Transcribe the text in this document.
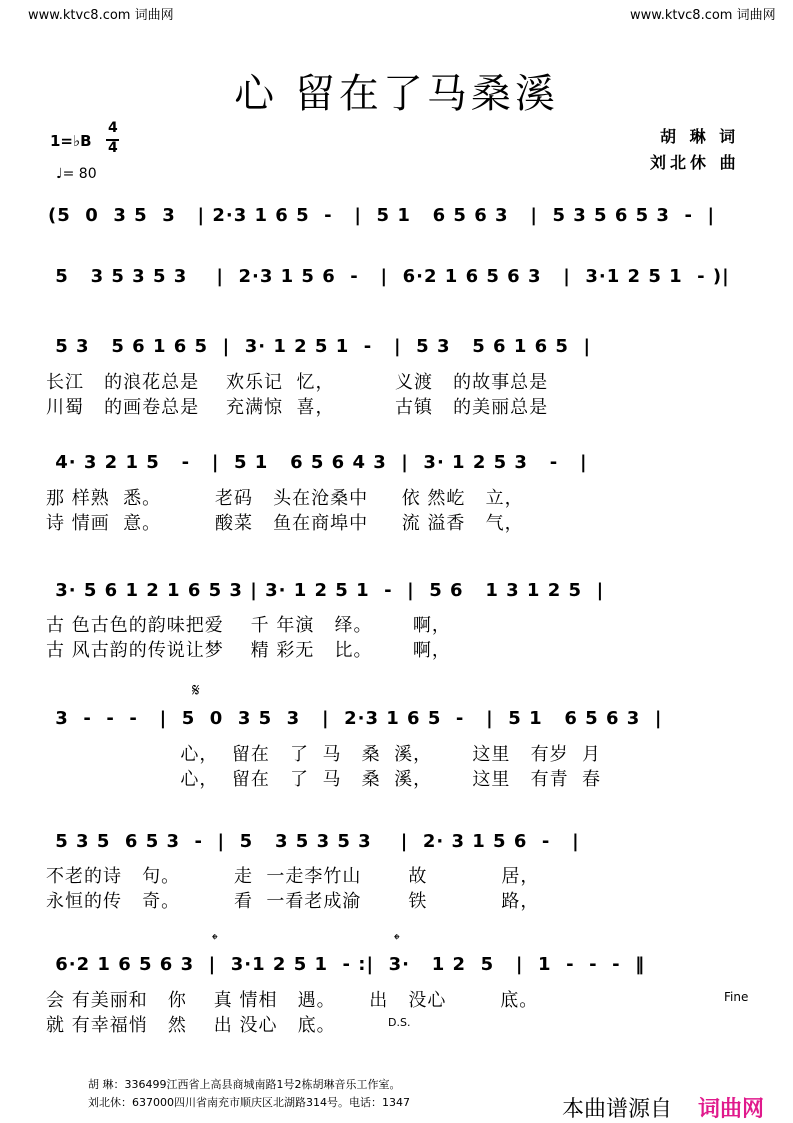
www.ktvc8.com 词曲网	www.ktvc8.com 词曲网
心 留在了马桑溪
1=♭B
4
4
♩= 80
胡 琳 词
刘北休 曲

(5  0  3 5  3   | 2·3 1 6 5  -   |  5 1   6 5 6 3   |  5 3 5 6 5 3  -  |

5   3 5 3 5 3    |  2·3 1 5 6  -   |  6·2 1 6 5 6 3   |  3·1 2 5 1  - )|

5 3   5 6 1 6 5  |  3· 1 2 5 1  -   |  5 3   5 6 1 6 5  |

长江   的浪花总是    欢乐记  忆，         义渡   的故事总是
川蜀   的画卷总是    充满惊  喜，         古镇   的美丽总是

4· 3 2 1 5   -   |  5 1   6 5 6 4 3  |  3· 1 2 5 3   -   |

那 样熟  悉。        老码   头在沧桑中     依 然屹   立，
诗 情画  意。        酸菜   鱼在商埠中     流 溢香   气，

3· 5 6 1 2 1 6 5 3 | 3· 1 2 5 1  -  |  5 6   1 3 1 2 5  |

古 色古色的韵味把爱    千 年演   绎。      啊，
古 风古韵的传说让梦    精 彩无   比。      啊，
𝄋

3  -  -  -   |  5  0  3 5  3   |  2·3 1 6 5  -   |  5 1   6 5 6 3  |

心，  留在   了  马   桑  溪，      这里   有岁  月
心，  留在   了  马   桑  溪，      这里   有青  春

5 3 5  6 5 3  -  |  5   3 5 3 5 3    |  2· 3 1 5 6  -   |

不老的诗   句。        走  一走李竹山       故           居，
永恒的传   奇。        看  一看老成渝       铁           路，
𝄌	𝄌

6·2 1 6 5 6 3  |  3·1 2 5 1  - :|  3·   1 2  5   |  1  -  -  -  ‖

会 有美丽和   你    真 情相   遇。     出   没心        底。	Fine
就 有幸福悄   然    出 没心   底。	D.S.
胡 琳：336499江西省上高县商城南路1号2栋胡琳音乐工作室。
刘北休：637000四川省南充市顺庆区北湖路314号。电话：1347	本曲谱源自 词曲网
